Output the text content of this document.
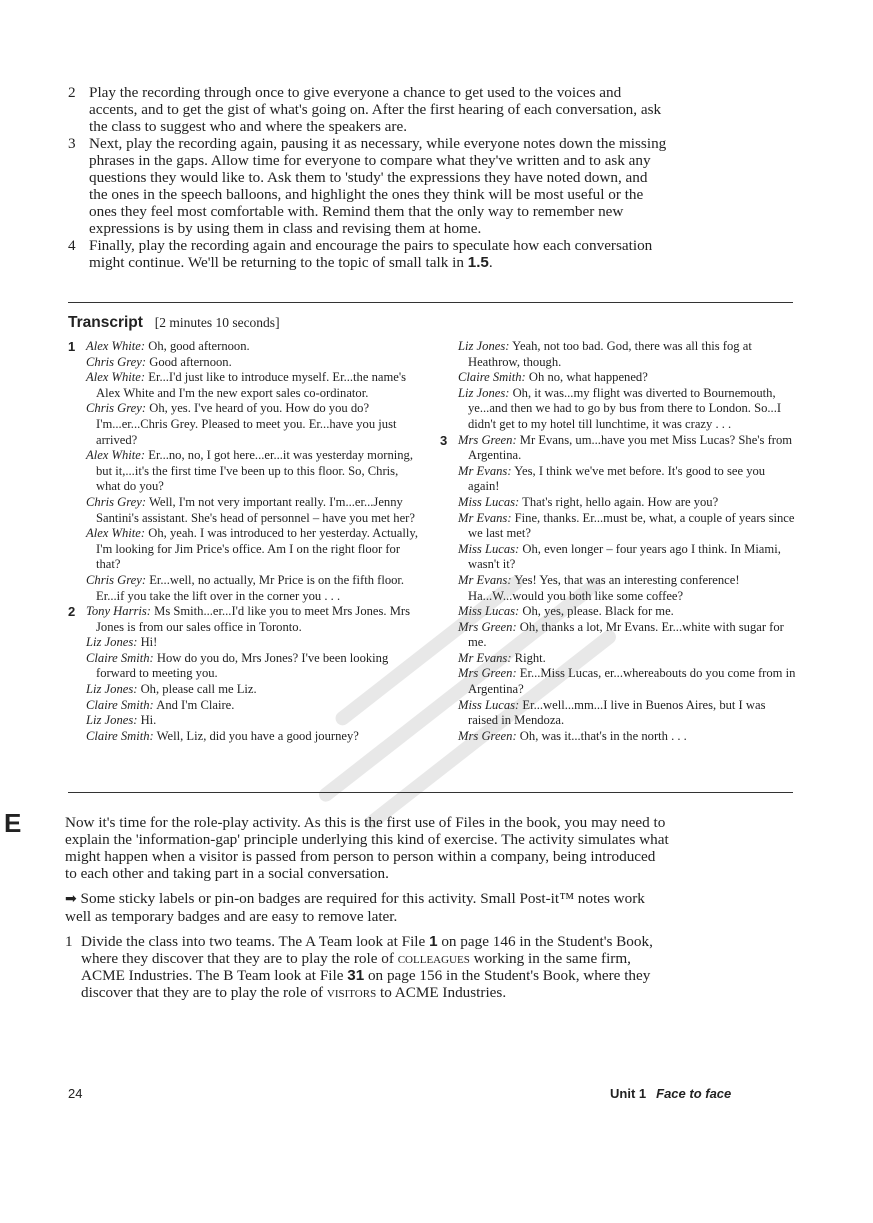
2 Play the recording through once to give everyone a chance to get used to the voices and accents, and to get the gist of what's going on. After the first hearing of each conversation, ask the class to suggest who and where the speakers are.
3 Next, play the recording again, pausing it as necessary, while everyone notes down the missing phrases in the gaps. Allow time for everyone to compare what they've written and to ask any questions they would like to. Ask them to 'study' the expressions they have noted down, and the ones in the speech balloons, and highlight the ones they think will be most useful or the ones they feel most comfortable with. Remind them that the only way to remember new expressions is by using them in class and revising them at home.
4 Finally, play the recording again and encourage the pairs to speculate how each conversation might continue. We'll be returning to the topic of small talk in 1.5.
Transcript [2 minutes 10 seconds]
1 Alex White: Oh, good afternoon.
Chris Grey: Good afternoon.
Alex White: Er...I'd just like to introduce myself. Er...the name's Alex White and I'm the new export sales co-ordinator.
Chris Grey: Oh, yes. I've heard of you. How do you do? I'm...er...Chris Grey. Pleased to meet you. Er...have you just arrived?
Alex White: Er...no, no, I got here...er...it was yesterday morning, but it,...it's the first time I've been up to this floor. So, Chris, what do you?
Chris Grey: Well, I'm not very important really. I'm...er...Jenny Santini's assistant. She's head of personnel – have you met her?
Alex White: Oh, yeah. I was introduced to her yesterday. Actually, I'm looking for Jim Price's office. Am I on the right floor for that?
Chris Grey: Er...well, no actually, Mr Price is on the fifth floor. Er...if you take the lift over in the corner you . . .
2 Tony Harris: Ms Smith...er...I'd like you to meet Mrs Jones. Mrs Jones is from our sales office in Toronto.
Liz Jones: Hi!
Claire Smith: How do you do, Mrs Jones? I've been looking forward to meeting you.
Liz Jones: Oh, please call me Liz.
Claire Smith: And I'm Claire.
Liz Jones: Hi.
Claire Smith: Well, Liz, did you have a good journey?
Liz Jones: Yeah, not too bad. God, there was all this fog at Heathrow, though.
Claire Smith: Oh no, what happened?
Liz Jones: Oh, it was...my flight was diverted to Bournemouth, ye...and then we had to go by bus from there to London. So...I didn't get to my hotel till lunchtime, it was crazy . . .
3 Mrs Green: Mr Evans, um...have you met Miss Lucas? She's from Argentina.
Mr Evans: Yes, I think we've met before. It's good to see you again!
Miss Lucas: That's right, hello again. How are you?
Mr Evans: Fine, thanks. Er...must be, what, a couple of years since we last met?
Miss Lucas: Oh, even longer – four years ago I think. In Miami, wasn't it?
Mr Evans: Yes! Yes, that was an interesting conference! Ha...W...would you both like some coffee?
Miss Lucas: Oh, yes, please. Black for me.
Mrs Green: Oh, thanks a lot, Mr Evans. Er...white with sugar for me.
Mr Evans: Right.
Mrs Green: Er...Miss Lucas, er...whereabouts do you come from in Argentina?
Miss Lucas: Er...well...mm...I live in Buenos Aires, but I was raised in Mendoza.
Mrs Green: Oh, was it...that's in the north . . .
E	Now it's time for the role-play activity. As this is the first use of Files in the book, you may need to explain the 'information-gap' principle underlying this kind of exercise. The activity simulates what might happen when a visitor is passed from person to person within a company, being introduced to each other and taking part in a social conversation.

➡ Some sticky labels or pin-on badges are required for this activity. Small Post-it™ notes work well as temporary badges and are easy to remove later.

1 Divide the class into two teams. The A Team look at File 1 on page 146 in the Student's Book, where they discover that they are to play the role of colleagues working in the same firm, ACME Industries. The B Team look at File 31 on page 156 in the Student's Book, where they discover that they are to play the role of visitors to ACME Industries.
24	Unit 1 Face to face
